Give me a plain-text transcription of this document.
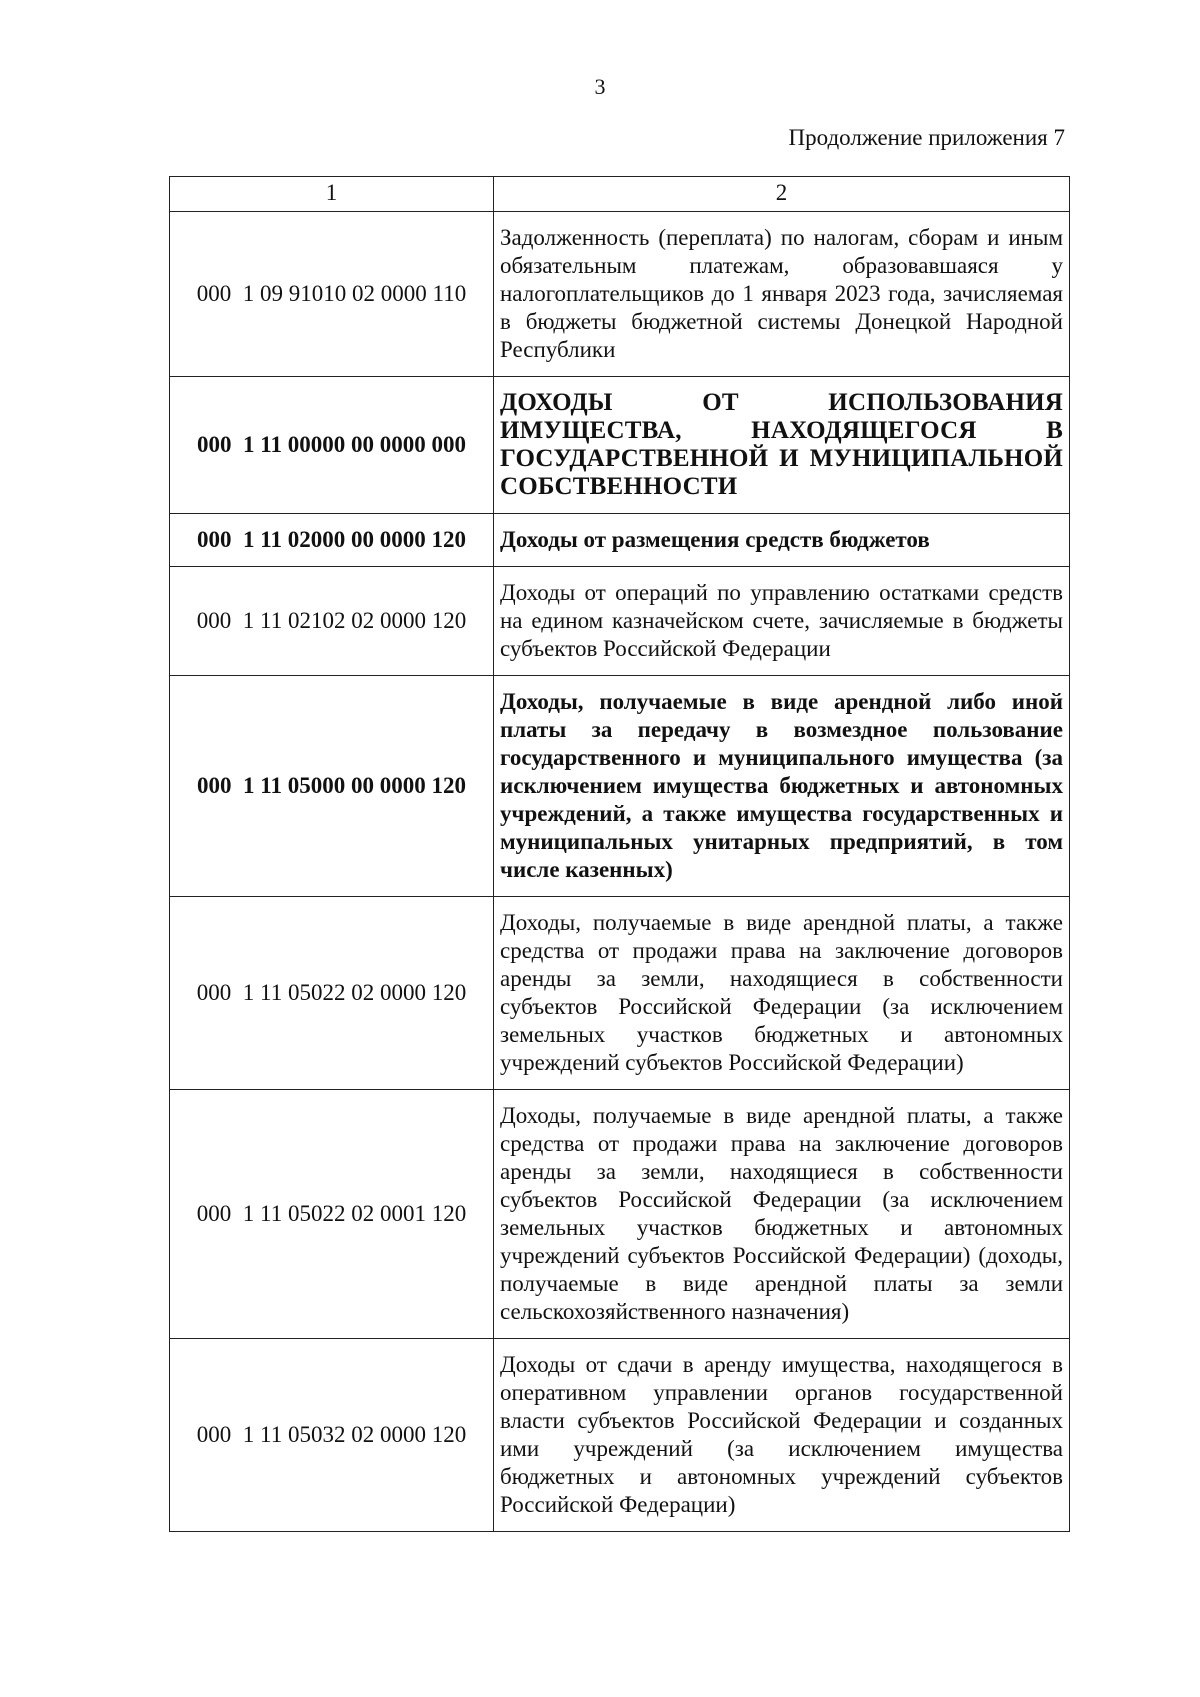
3
Продолжение приложения 7
1	2
000  1 09 91010 02 0000 110	Задолженность (переплата) по налогам, сборам и иным обязательным платежам, образовавшаяся у налогоплательщиков до 1 января 2023 года, зачисляемая в бюджеты бюджетной системы Донецкой Народной Республики
000  1 11 00000 00 0000 000	ДОХОДЫ ОТ ИСПОЛЬЗОВАНИЯ ИМУЩЕСТВА, НАХОДЯЩЕГОСЯ В ГОСУДАРСТВЕННОЙ И МУНИЦИПАЛЬНОЙ СОБСТВЕННОСТИ
000  1 11 02000 00 0000 120	Доходы от размещения средств бюджетов
000  1 11 02102 02 0000 120	Доходы от операций по управлению остатками средств на едином казначейском счете, зачисляемые в бюджеты субъектов Российской Федерации
000  1 11 05000 00 0000 120	Доходы, получаемые в виде арендной либо иной платы за передачу в возмездное пользование государственного и муниципального имущества (за исключением имущества бюджетных и автономных учреждений, а также имущества государственных и муниципальных унитарных предприятий, в том числе казенных)
000  1 11 05022 02 0000 120	Доходы, получаемые в виде арендной платы, а также средства от продажи права на заключение договоров аренды за земли, находящиеся в собственности субъектов Российской Федерации (за исключением земельных участков бюджетных и автономных учреждений субъектов Российской Федерации)
000  1 11 05022 02 0001 120	Доходы, получаемые в виде арендной платы, а также средства от продажи права на заключение договоров аренды за земли, находящиеся в собственности субъектов Российской Федерации (за исключением земельных участков бюджетных и автономных учреждений субъектов Российской Федерации) (доходы, получаемые в виде арендной платы за земли сельскохозяйственного назначения)
000  1 11 05032 02 0000 120	Доходы от сдачи в аренду имущества, находящегося в оперативном управлении органов государственной власти субъектов Российской Федерации и созданных ими учреждений (за исключением имущества бюджетных и автономных учреждений субъектов Российской Федерации)
